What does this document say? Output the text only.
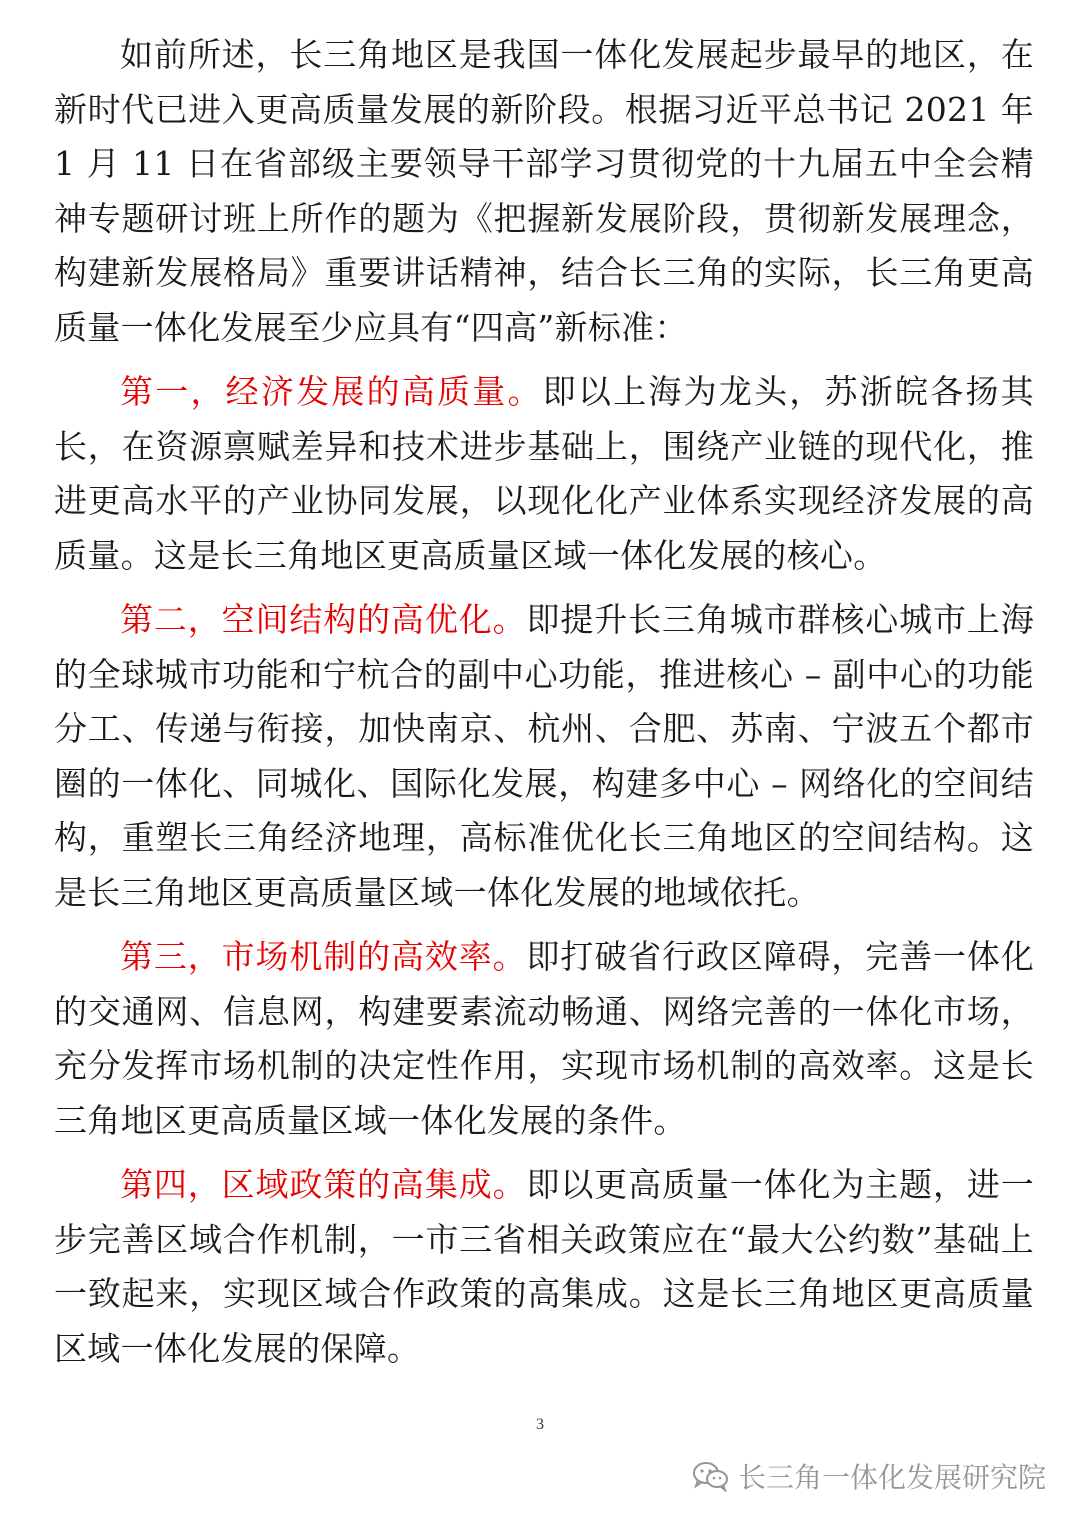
如前所述，长三角地区是我国一体化发展起步最早的地区，在新时代已进入更高质量发展的新阶段。根据习近平总书记 2021 年 1 月 11 日在省部级主要领导干部学习贯彻党的十九届五中全会精神专题研讨班上所作的题为《把握新发展阶段，贯彻新发展理念，构建新发展格局》重要讲话精神，结合长三角的实际，长三角更高质量一体化发展至少应具有“四高”新标准：

第一，经济发展的高质量。即以上海为龙头，苏浙皖各扬其长，在资源禀赋差异和技术进步基础上，围绕产业链的现代化，推进更高水平的产业协同发展，以现化化产业体系实现经济发展的高质量。这是长三角地区更高质量区域一体化发展的核心。

第二，空间结构的高优化。即提升长三角城市群核心城市上海的全球城市功能和宁杭合的副中心功能，推进核心 – 副中心的功能分工、传递与衔接，加快南京、杭州、合肥、苏南、宁波五个都市圈的一体化、同城化、国际化发展，构建多中心 – 网络化的空间结构，重塑长三角经济地理，高标准优化长三角地区的空间结构。这是长三角地区更高质量区域一体化发展的地域依托。

第三，市场机制的高效率。即打破省行政区障碍，完善一体化的交通网、信息网，构建要素流动畅通、网络完善的一体化市场，充分发挥市场机制的决定性作用，实现市场机制的高效率。这是长三角地区更高质量区域一体化发展的条件。

第四，区域政策的高集成。即以更高质量一体化为主题，进一步完善区域合作机制，一市三省相关政策应在“最大公约数”基础上一致起来，实现区域合作政策的高集成。这是长三角地区更高质量区域一体化发展的保障。

3
长三角一体化发展研究院
